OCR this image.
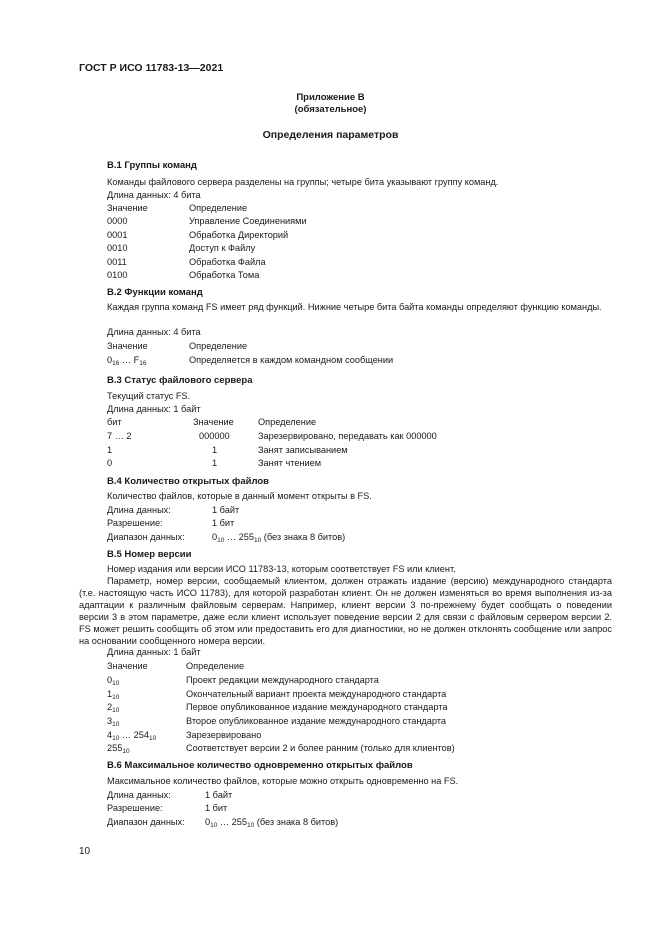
ГОСТ Р ИСО 11783-13—2021
Приложение В
(обязательное)
Определения параметров
В.1 Группы команд
Команды файлового сервера разделены на группы; четыре бита указывают группу команд.
Длина данных: 4 бита
Значение	Определение
0000	Управление Соединениями
0001	Обработка Директорий
0010	Доступ к Файлу
0011	Обработка Файла
0100	Обработка Тома
В.2 Функции команд
Каждая группа команд FS имеет ряд функций. Нижние четыре бита байта команды определяют функцию команды.
Длина данных: 4 бита
Значение	Определение
$0_{16}$ … $F_{16}$	Определяется в каждом командном сообщении
В.3 Статус файлового сервера
Текущий статус FS.
Длина данных: 1 байт
бит	Значение	Определение
7 … 2	000000	Зарезервировано, передавать как 000000
1	1	Занят записыванием
0	1	Занят чтением
В.4 Количество открытых файлов
Количество файлов, которые в данный момент открыты в FS.
Длина данных:	1 байт
Разрешение:	1 бит
Диапазон данных:	$0_{10}$ … $255_{10}$ (без знака 8 битов)
В.5 Номер версии
Номер издания или версии ИСО 11783-13, которым соответствует FS или клиент.
Параметр, номер версии, сообщаемый клиентом, должен отражать издание (версию) международного стандарта (т.е. настоящую часть ИСО 11783), для которой разработан клиент. Он не должен изменяться во время выполнения из-за адаптации к различным файловым серверам. Например, клиент версии 3 по-прежнему будет сообщать о поведении версии 3 в этом параметре, даже если клиент использует поведение версии 2 для связи с файловым сервером версии 2. FS может решить сообщить об этом или предоставить его для диагностики, но не должен отклонять сообщение или запрос на основании сообщенного номера версии.
Длина данных: 1 байт
Значение	Определение
$0_{10}$	Проект редакции международного стандарта
$1_{10}$	Окончательный вариант проекта международного стандарта
$2_{10}$	Первое опубликованное издание международного стандарта
$3_{10}$	Второе опубликованное издание международного стандарта
$4_{10}$ … $254_{10}$	Зарезервировано
$255_{10}$	Соответствует версии 2 и более ранним (только для клиентов)
В.6 Максимальное количество одновременно открытых файлов
Максимальное количество файлов, которые можно открыть одновременно на FS.
Длина данных:	1 байт
Разрешение:	1 бит
Диапазон данных: $0_{10}$ … $255_{10}$ (без знака 8 битов)
10
